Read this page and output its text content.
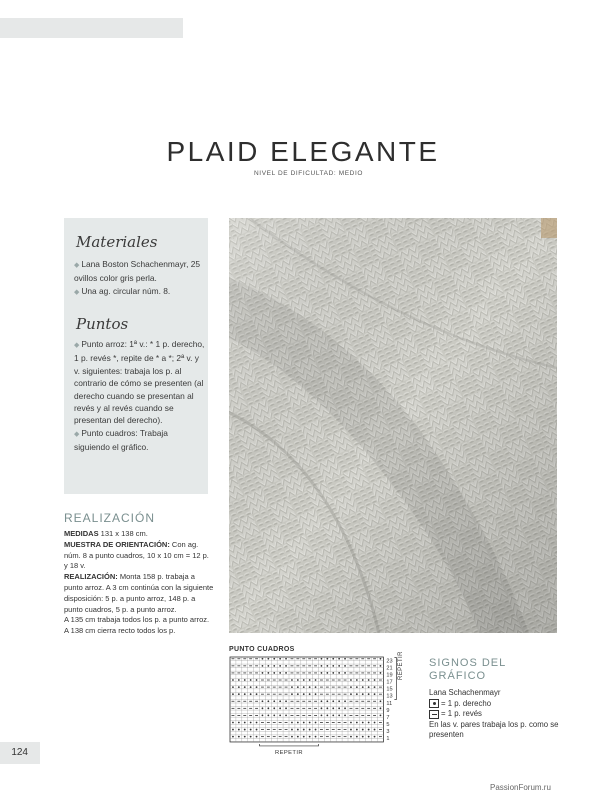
PLAID ELEGANTE
NIVEL DE DIFICULTAD: MEDIO

Materiales

◆ Lana Boston Schachenmayr, 25 ovillos color gris perla.

◆ Una ag. circular núm. 8.

Puntos

◆ Punto arroz: 1ª v.: * 1 p. derecho, 1 p. revés *, repite de * a *; 2ª v. y v. siguientes: trabaja los p. al contrario de cómo se presenten (al derecho cuando se presentan al revés y al revés cuando se presentan del derecho).

◆ Punto cuadros: Trabaja siguiendo el gráfico.

REALIZACIÓN

MEDIDAS 131 x 138 cm.

MUESTRA DE ORIENTACIÓN: Con ag. núm. 8 a punto cuadros, 10 x 10 cm = 12 p. y 18 v.

REALIZACIÓN: Monta 158 p. trabaja a punto arroz. A 3 cm continúa con la siguiente disposición: 5 p. a punto arroz, 148 p. a punto cuadros, 5 p. a punto arroz.

A 135 cm trabaja todos los p. a punto arroz.

A 138 cm cierra recto todos los p.

PUNTO CUADROS
23
21
19
17
15
13
11
9
7
5
3
1
REPETIR
REPETIR SIGNOS DEL GRÁFICO

Lana Schachenmayr

= 1 p. derecho

= 1 p. revés

En las v. pares trabaja los p. como se presenten

124
PassionForum.ru
